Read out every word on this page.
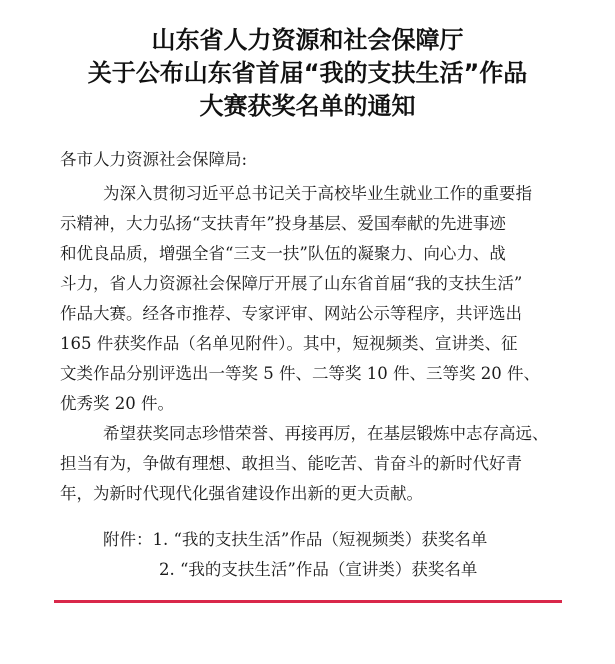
山东省人力资源和社会保障厅
关于公布山东省首届“我的支扶生活”作品
大赛获奖名单的通知
各市人力资源社会保障局:
为深入贯彻习近平总书记关于高校毕业生就业工作的重要指
示精神，大力弘扬“支扶青年”投身基层、爱国奉献的先进事迹
和优良品质，增强全省“三支一扶”队伍的凝聚力、向心力、战
斗力，省人力资源社会保障厅开展了山东省首届“我的支扶生活”
作品大赛。经各市推荐、专家评审、网站公示等程序，共评选出
165 件获奖作品（名单见附件）。其中，短视频类、宣讲类、征
文类作品分别评选出一等奖 5 件、二等奖 10 件、三等奖 20 件、
优秀奖 20 件。
希望获奖同志珍惜荣誉、再接再厉，在基层锻炼中志存高远、
担当有为，争做有理想、敢担当、能吃苦、肯奋斗的新时代好青
年，为新时代现代化强省建设作出新的更大贡献。
附件：1. “我的支扶生活”作品（短视频类）获奖名单
2. “我的支扶生活”作品（宣讲类）获奖名单
